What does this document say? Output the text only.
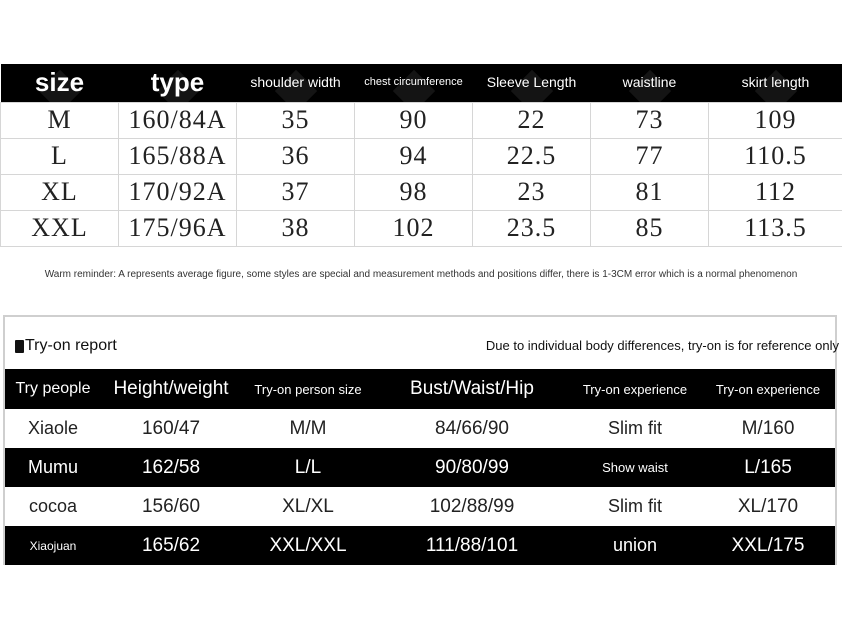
size	type	shoulder width	chest circumference	Sleeve Length	waistline	skirt length
M	160/84A	35	90	22	73	109
L	165/88A	36	94	22.5	77	110.5
XL	170/92A	37	98	23	81	112
XXL	175/96A	38	102	23.5	85	113.5
Warm reminder: A represents average figure, some styles are special and measurement methods and positions differ, there is 1-3CM error which is a normal phenomenon
Try-on report	Due to individual body differences, try-on is for reference only
Try people	Height/weight	Try-on person size	Bust/Waist/Hip	Try-on experience	Try-on experience
Xiaole	160/47	M/M	84/66/90	Slim fit	M/160
Mumu	162/58	L/L	90/80/99	Show waist	L/165
cocoa	156/60	XL/XL	102/88/99	Slim fit	XL/170
Xiaojuan	165/62	XXL/XXL	111/88/101	union	XXL/175
